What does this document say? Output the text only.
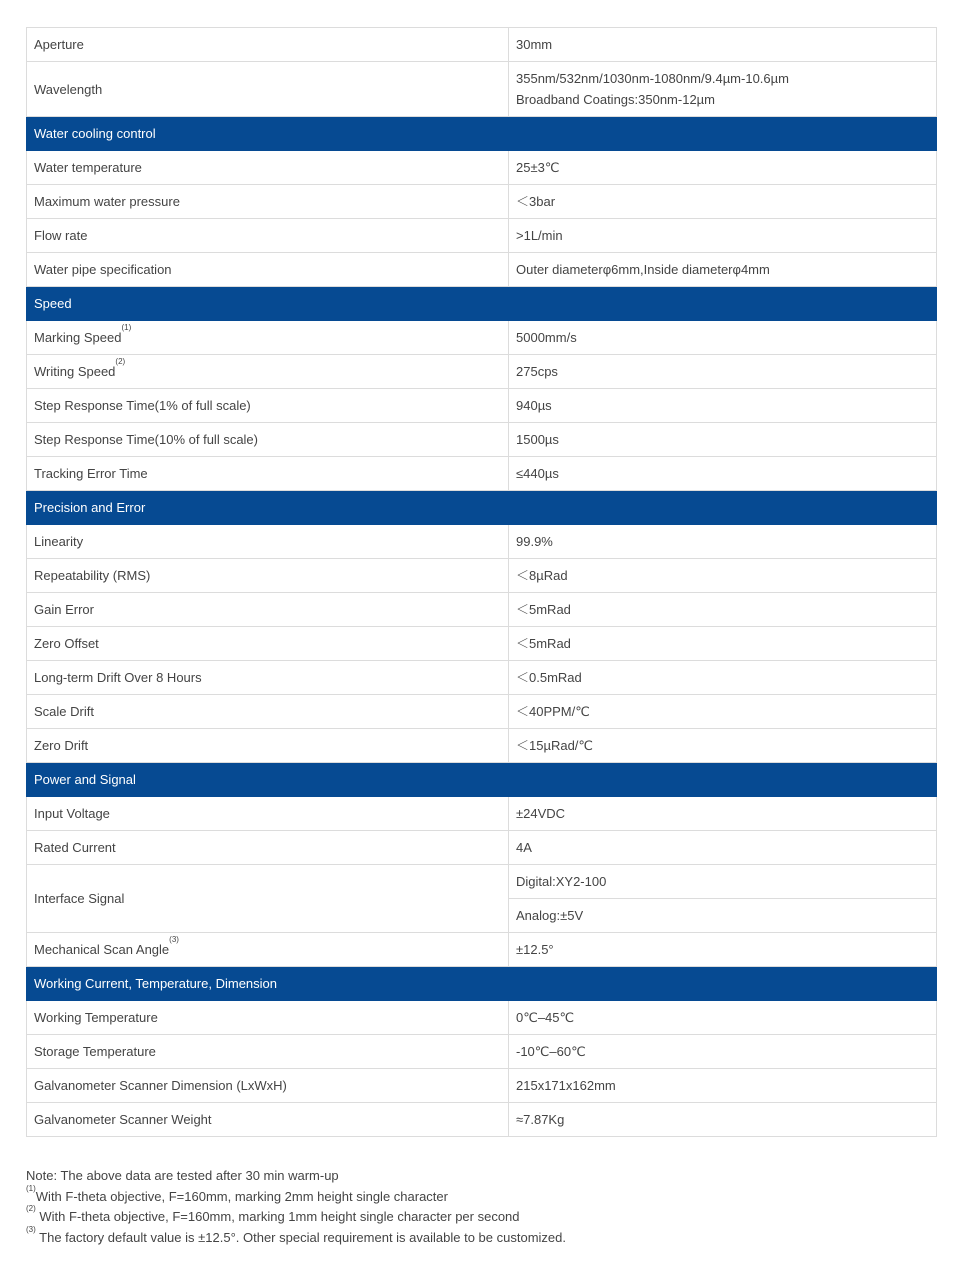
Aperture	30mm
Wavelength	355nm/532nm/1030nm-1080nm/9.4µm-10.6µm
Broadband Coatings:350nm-12µm

Water cooling control	
Water temperature	25±3℃
Maximum water pressure	＜3bar
Flow rate	>1L/min
Water pipe specification	Outer diameterφ6mm,Inside diameterφ4mm
Speed	
Marking Speed$^{(1)}$	5000mm/s
Writing Speed$^{(2)}$	275cps
Step Response Time(1% of full scale)	940µs
Step Response Time(10% of full scale)	1500µs
Tracking Error Time	≤440µs
Precision and Error	
Linearity	99.9%
Repeatability (RMS)	＜8µRad
Gain Error	＜5mRad
Zero Offset	＜5mRad
Long-term Drift Over 8 Hours	＜0.5mRad
Scale Drift	＜40PPM/℃
Zero Drift	＜15µRad/℃
Power and Signal	
Input Voltage	±24VDC
Rated Current	4A
Interface Signal	Digital:XY2-100
	Analog:±5V
Mechanical Scan Angle$^{(3)}$	±12.5°
Working Current, Temperature, Dimension	
Working Temperature	0℃–45℃
Storage Temperature	-10℃–60℃
Galvanometer Scanner Dimension (LxWxH)	215x171x162mm
Galvanometer Scanner Weight	≈7.87Kg
Note: The above data are tested after 30 min warm-up
$^{(1)}$With F-theta objective, F=160mm, marking 2mm height single character
$^{(2)}$ With F-theta objective, F=160mm, marking 1mm height single character per second
$^{(3)}$ The factory default value is ±12.5°. Other special requirement is available to be customized.
